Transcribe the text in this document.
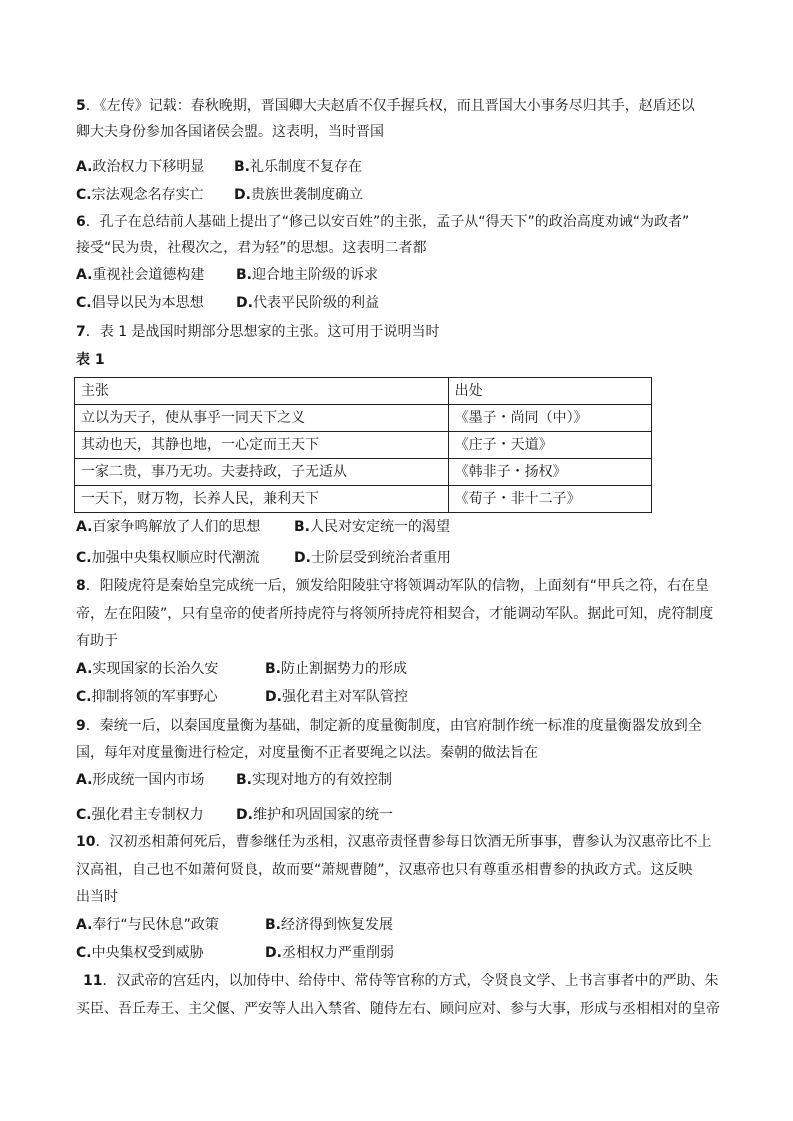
5．《左传》记载：春秋晚期，晋国卿大夫赵盾不仅手握兵权，而且晋国大小事务尽归其手，赵盾还以
卿大夫身份参加各国诸侯会盟。这表明，当时晋国
A.政治权力下移明显 B.礼乐制度不复存在
C.宗法观念名存实亡 D.贵族世袭制度确立
6．孔子在总结前人基础上提出了“修己以安百姓”的主张，孟子从“得天下”的政治高度劝诫“为政者”
接受“民为贵，社稷次之，君为轻”的思想。这表明二者都
A.重视社会道德构建 B.迎合地主阶级的诉求
C.倡导以民为本思想 D.代表平民阶级的利益
7．表 1 是战国时期部分思想家的主张。这可用于说明当时
表 1
主张	出处
立以为天子，使从事乎一同天下之义	《墨子・尚同（中）》
其动也天，其静也地，一心定而王天下	《庄子・天道》
一家二贵，事乃无功。夫妻持政，子无适从	《韩非子・扬权》
一天下，财万物，长养人民，兼利天下	《荀子・非十二子》
A.百家争鸣解放了人们的思想 B.人民对安定统一的渴望
C.加强中央集权顺应时代潮流 D.士阶层受到统治者重用
8．阳陵虎符是秦始皇完成统一后，颁发给阳陵驻守将领调动军队的信物，上面刻有“甲兵之符，右在皇
帝，左在阳陵”，只有皇帝的使者所持虎符与将领所持虎符相契合，才能调动军队。据此可知，虎符制度
有助于
A.实现国家的长治久安	B.防止割据势力的形成
C.抑制将领的军事野心	D.强化君主对军队管控
9．秦统一后，以秦国度量衡为基础，制定新的度量衡制度，由官府制作统一标准的度量衡器发放到全
国，每年对度量衡进行检定，对度量衡不正者要绳之以法。秦朝的做法旨在
A.形成统一国内市场 B.实现对地方的有效控制
C.强化君主专制权力 D.维护和巩固国家的统一
10．汉初丞相萧何死后，曹参继任为丞相，汉惠帝责怪曹参每日饮酒无所事事，曹参认为汉惠帝比不上
汉高祖，自己也不如萧何贤良，故而要“萧规曹随”，汉惠帝也只有尊重丞相曹参的执政方式。这反映
出当时
A.奉行“与民休息”政策	B.经济得到恢复发展
C.中央集权受到威胁	D.丞相权力严重削弱
11．汉武帝的宫廷内，以加侍中、给侍中、常侍等官称的方式，令贤良文学、上书言事者中的严助、朱
买臣、吾丘寿王、主父偃、严安等人出入禁省、随侍左右、顾问应对、参与大事，形成与丞相相对的皇帝
